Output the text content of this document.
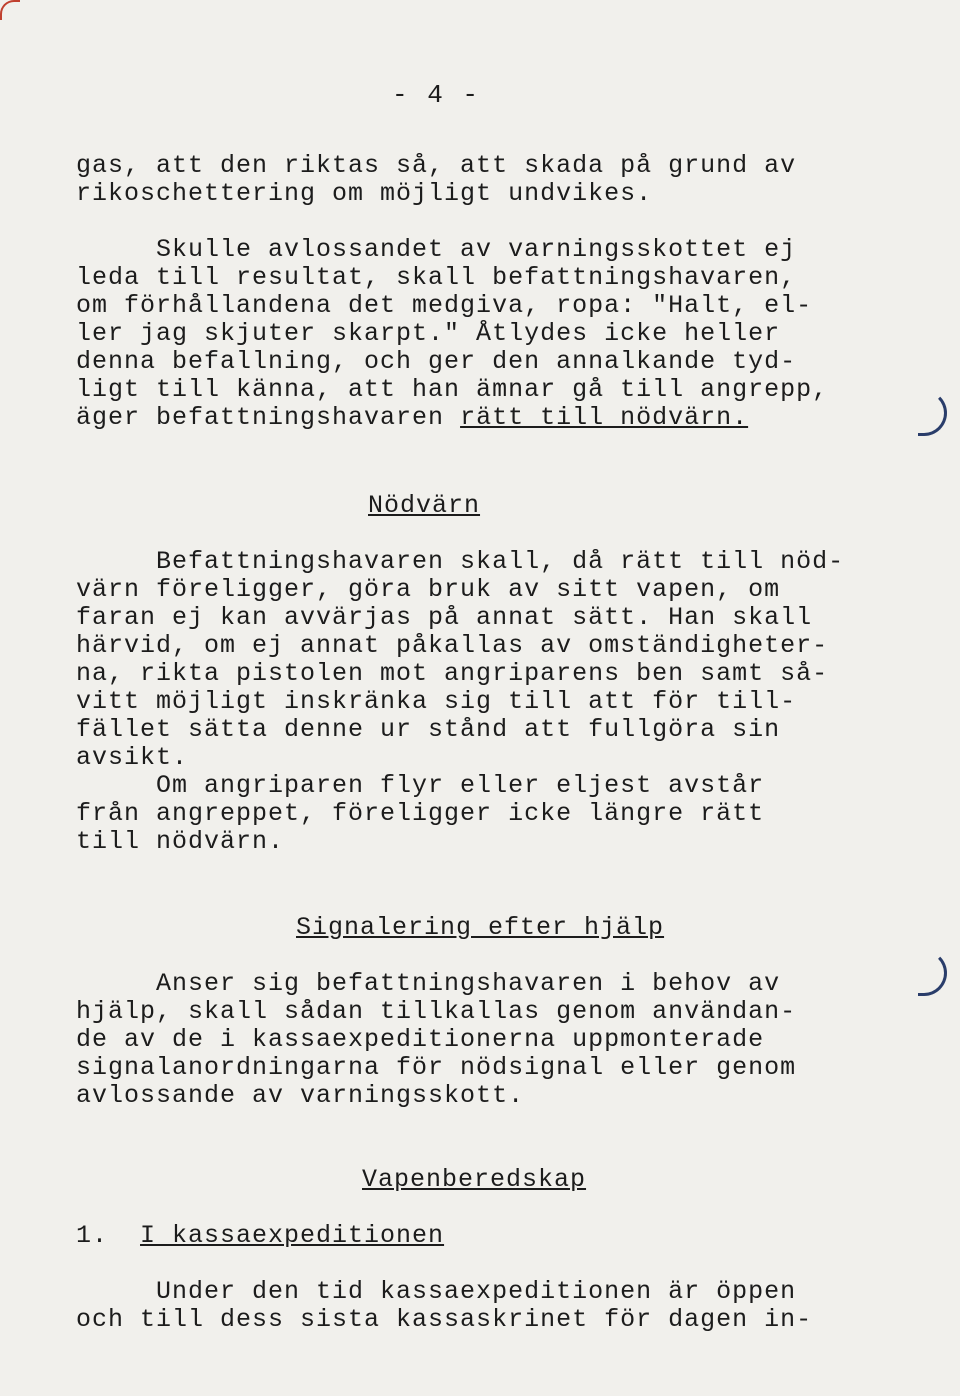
- 4 -
gas, att den riktas så, att skada på grund av
rikoschettering om möjligt undvikes.
Skulle avlossandet av varningsskottet ej
leda till resultat, skall befattningshavaren,
om förhållandena det medgiva, ropa: "Halt, el-
ler jag skjuter skarpt." Åtlydes icke heller
denna befallning, och ger den annalkande tyd-
ligt till känna, att han ämnar gå till angrepp,
äger befattningshavaren rätt till nödvärn.
Nödvärn
Befattningshavaren skall, då rätt till nöd-
värn föreligger, göra bruk av sitt vapen, om
faran ej kan avvärjas på annat sätt. Han skall
härvid, om ej annat påkallas av omständigheter-
na, rikta pistolen mot angriparens ben samt så-
vitt möjligt inskränka sig till att för till-
fället sätta denne ur stånd att fullgöra sin
avsikt.
Om angriparen flyr eller eljest avstår
från angreppet, föreligger icke längre rätt
till nödvärn.
Signalering efter hjälp
Anser sig befattningshavaren i behov av
hjälp, skall sådan tillkallas genom användan-
de av de i kassaexpeditionerna uppmonterade
signalanordningarna för nödsignal eller genom
avlossande av varningsskott.
Vapenberedskap
1.  I kassaexpeditionen
Under den tid kassaexpeditionen är öppen
och till dess sista kassaskrinet för dagen in-
